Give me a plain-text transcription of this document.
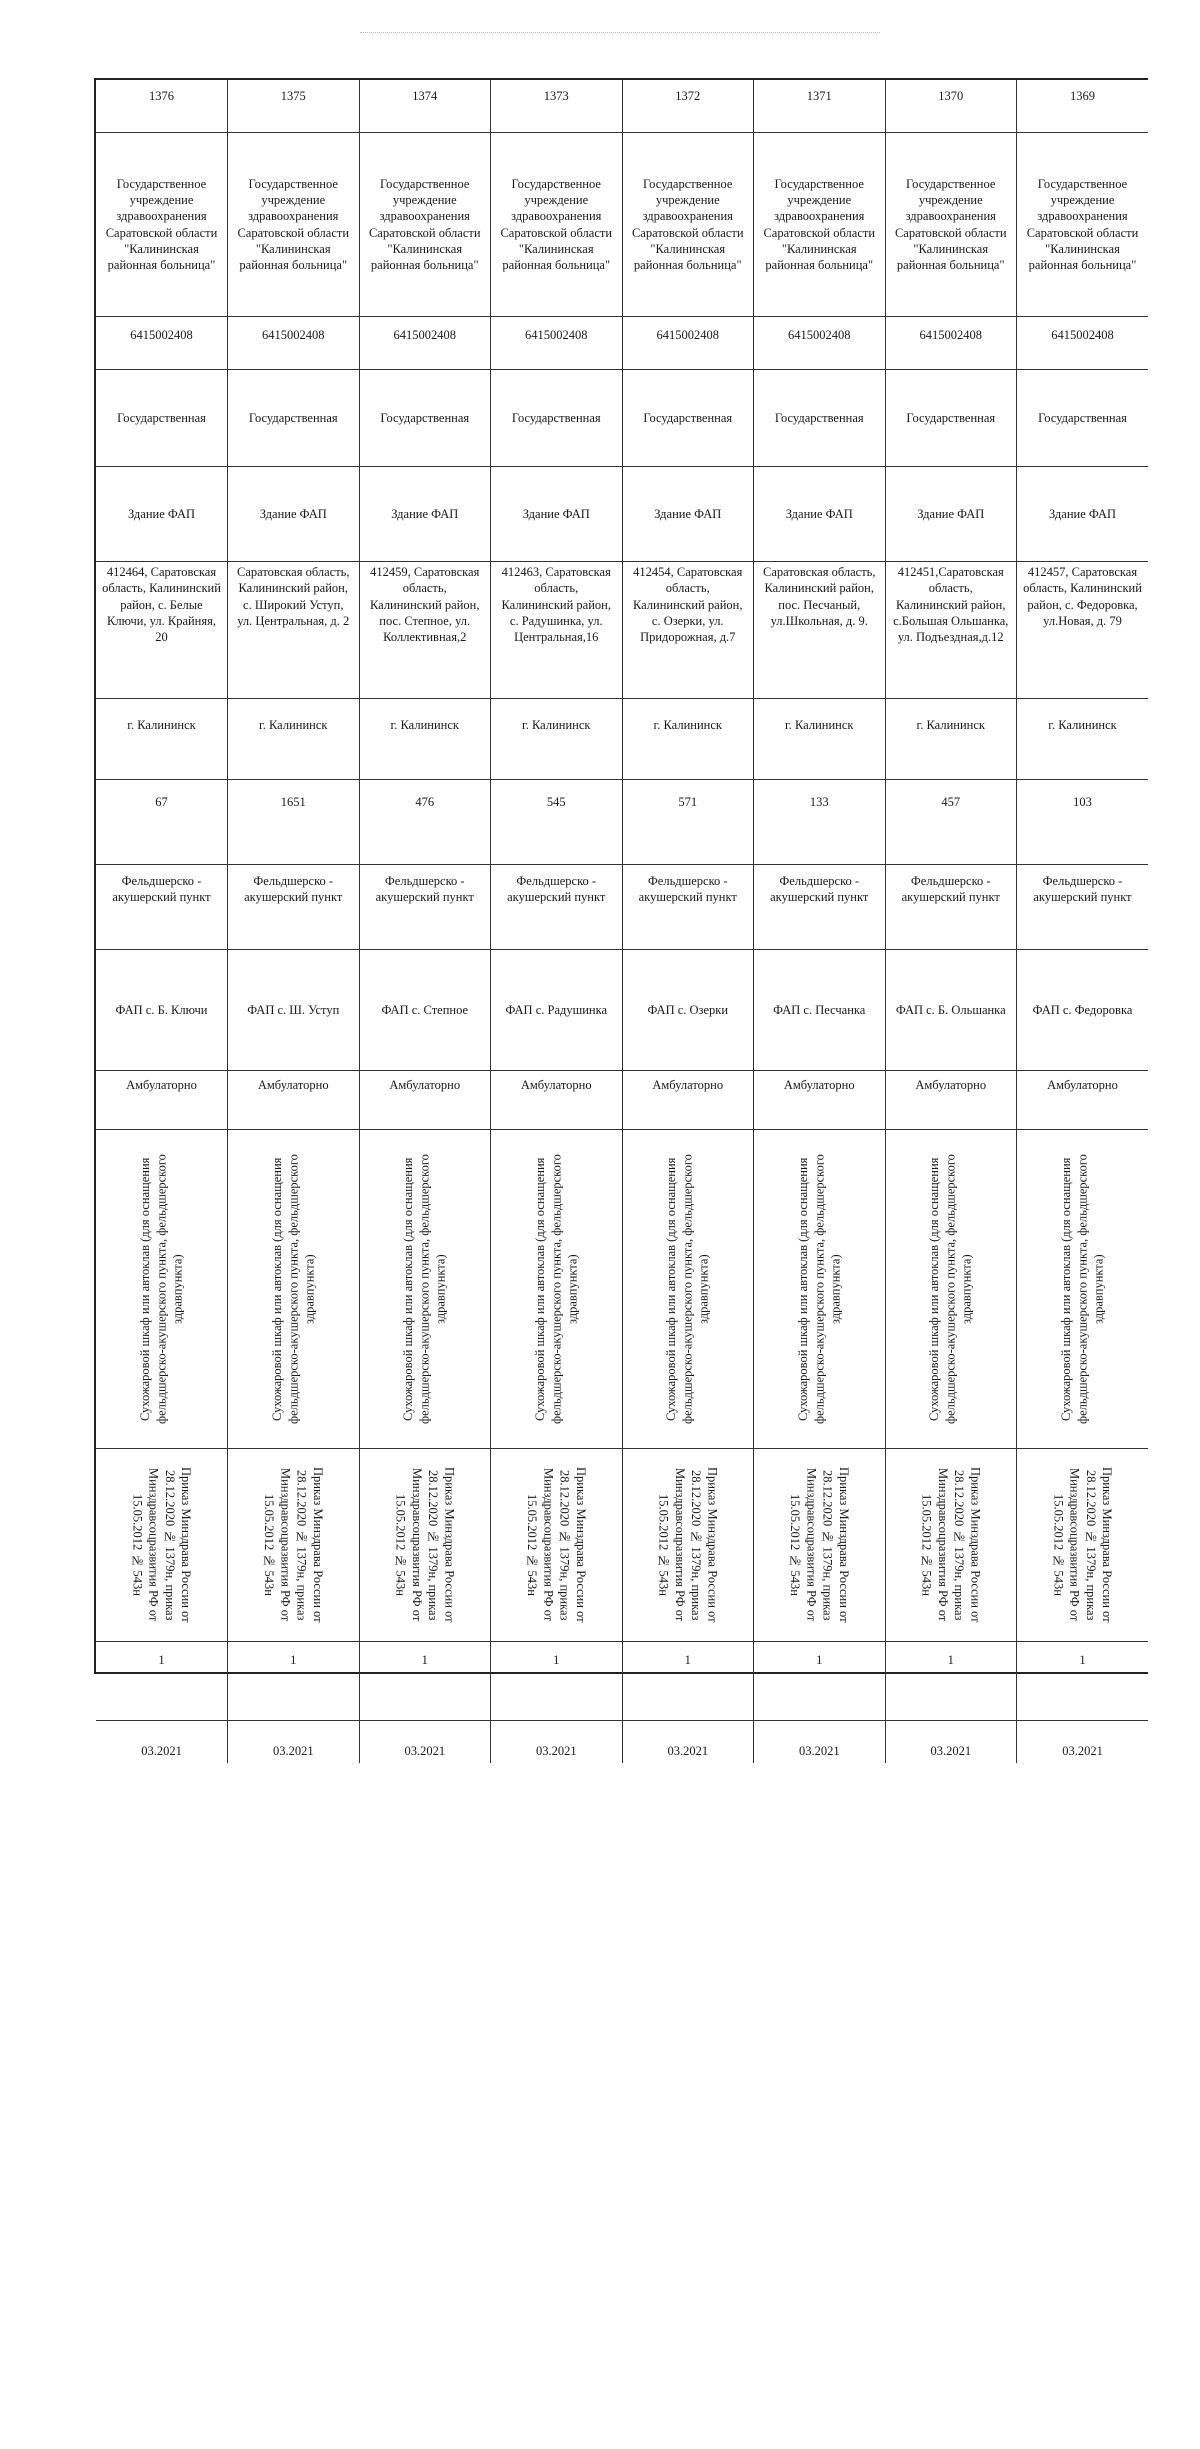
1376	1375	1374	1373	1372	1371	1370	1369
Государственное учреждение здравоохранения Саратовской области "Калининская районная больница"	Государственное учреждение здравоохранения Саратовской области "Калининская районная больница"	Государственное учреждение здравоохранения Саратовской области "Калининская районная больница"	Государственное учреждение здравоохранения Саратовской области "Калининская районная больница"	Государственное учреждение здравоохранения Саратовской области "Калининская районная больница"	Государственное учреждение здравоохранения Саратовской области "Калининская районная больница"	Государственное учреждение здравоохранения Саратовской области "Калининская районная больница"	Государственное учреждение здравоохранения Саратовской области "Калининская районная больница"
6415002408	6415002408	6415002408	6415002408	6415002408	6415002408	6415002408	6415002408
Государственная	Государственная	Государственная	Государственная	Государственная	Государственная	Государственная	Государственная
Здание ФАП	Здание ФАП	Здание ФАП	Здание ФАП	Здание ФАП	Здание ФАП	Здание ФАП	Здание ФАП
412464, Саратовская область, Калининский район, с. Белые Ключи, ул. Крайняя, 20	Саратовская область, Калининский район, с. Широкий Уступ, ул. Центральная, д. 2	412459, Саратовская область, Калининский район, пос. Степное, ул. Коллективная,2	412463, Саратовская область, Калининский район, с. Радушинка, ул. Центральная,16	412454, Саратовская область, Калининский район, с. Озерки, ул. Придорожная, д.7	Саратовская область, Калининский район, пос. Песчаный, ул.Школьная, д. 9.	412451,Саратовская область, Калининский район, с.Большая Ольшанка, ул. Подъездная,д.12	412457, Саратовская область, Калининский район, с. Федоровка, ул.Новая, д. 79
г. Калининск	г. Калининск	г. Калининск	г. Калининск	г. Калининск	г. Калининск	г. Калининск	г. Калининск
67	1651	476	545	571	133	457	103
Фельдшерско - акушерский пункт	Фельдшерско - акушерский пункт	Фельдшерско - акушерский пункт	Фельдшерско - акушерский пункт	Фельдшерско - акушерский пункт	Фельдшерско - акушерский пункт	Фельдшерско - акушерский пункт	Фельдшерско - акушерский пункт
ФАП с. Б. Ключи	ФАП с. Ш. Уступ	ФАП с. Степное	ФАП с. Радушинка	ФАП с. Озерки	ФАП с. Песчанка	ФАП с. Б. Ольшанка	ФАП с. Федоровка
Амбулаторно	Амбулаторно	Амбулаторно	Амбулаторно	Амбулаторно	Амбулаторно	Амбулаторно	Амбулаторно

Сухожаровой шкаф или автоклав (для оснащения фельдшерско-акушерского пункта, фельдшерского здравпункта)	Сухожаровой шкаф или автоклав (для оснащения фельдшерско-акушерского пункта, фельдшерского здравпункта)	Сухожаровой шкаф или автоклав (для оснащения фельдшерско-акушерского пункта, фельдшерского здравпункта)	Сухожаровой шкаф или автоклав (для оснащения фельдшерско-акушерского пункта, фельдшерского здравпункта)	Сухожаровой шкаф или автоклав (для оснащения фельдшерско-акушерского пункта, фельдшерского здравпункта)	Сухожаровой шкаф или автоклав (для оснащения фельдшерско-акушерского пункта, фельдшерского здравпункта)	Сухожаровой шкаф или автоклав (для оснащения фельдшерско-акушерского пункта, фельдшерского здравпункта)	Сухожаровой шкаф или автоклав (для оснащения фельдшерско-акушерского пункта, фельдшерского здравпункта)

Приказ Минздрава России от 28.12.2020 № 1379н, приказ Минздравсоцразвития РФ от 15.05.2012 № 543н	Приказ Минздрава России от 28.12.2020 № 1379н, приказ Минздравсоцразвития РФ от 15.05.2012 № 543н	Приказ Минздрава России от 28.12.2020 № 1379н, приказ Минздравсоцразвития РФ от 15.05.2012 № 543н	Приказ Минздрава России от 28.12.2020 № 1379н, приказ Минздравсоцразвития РФ от 15.05.2012 № 543н	Приказ Минздрава России от 28.12.2020 № 1379н, приказ Минздравсоцразвития РФ от 15.05.2012 № 543н	Приказ Минздрава России от 28.12.2020 № 1379н, приказ Минздравсоцразвития РФ от 15.05.2012 № 543н	Приказ Минздрава России от 28.12.2020 № 1379н, приказ Минздравсоцразвития РФ от 15.05.2012 № 543н	Приказ Минздрава России от 28.12.2020 № 1379н, приказ Минздравсоцразвития РФ от 15.05.2012 № 543н

1	1	1	1	1	1	1	1
03.2021	03.2021	03.2021	03.2021	03.2021	03.2021	03.2021	03.2021
